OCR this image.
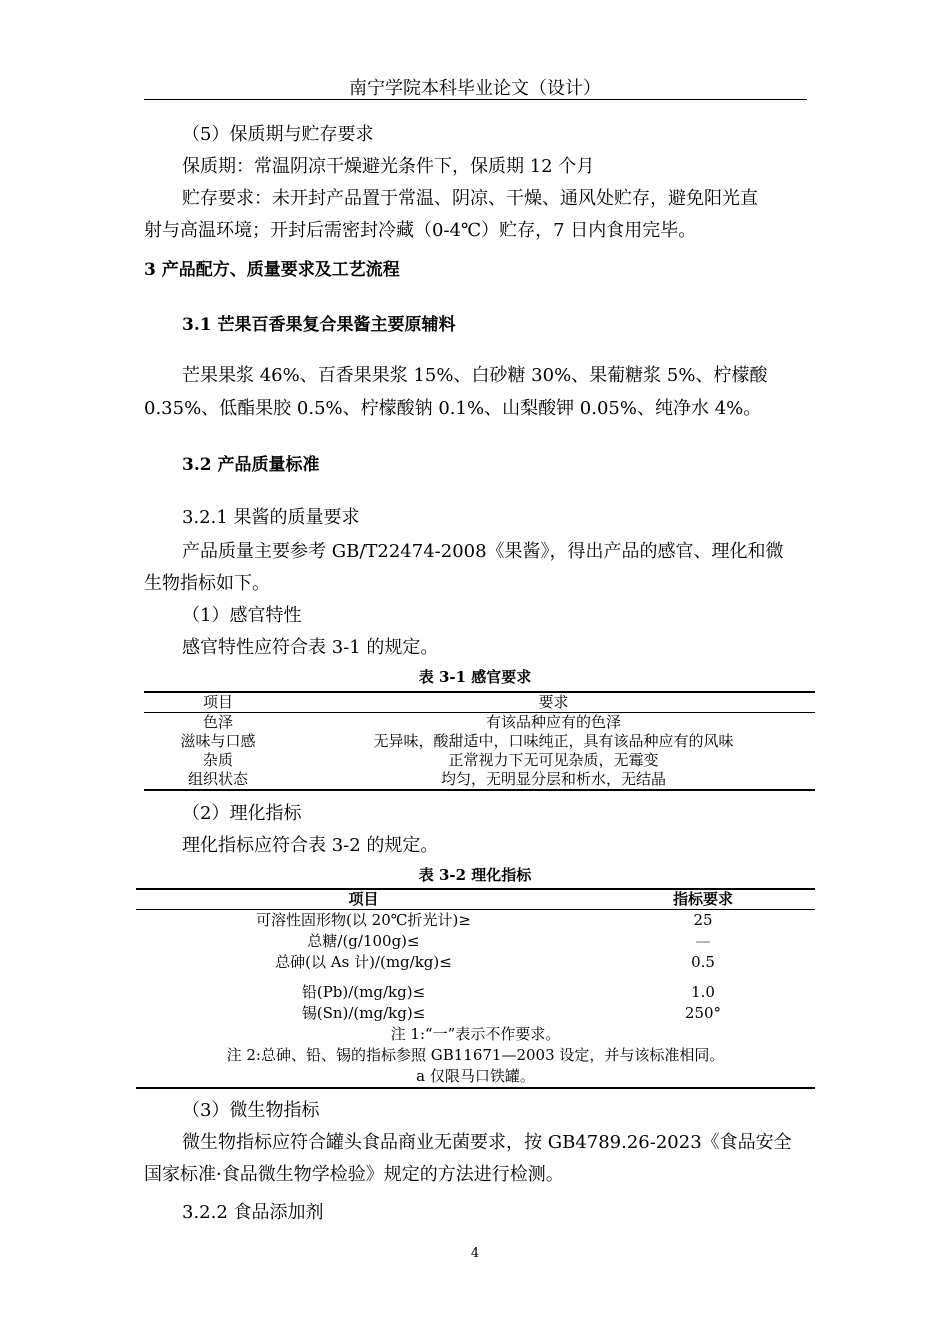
南宁学院本科毕业论文（设计）
（5）保质期与贮存要求
保质期：常温阴凉干燥避光条件下，保质期 12 个月
贮存要求：未开封产品置于常温、阴凉、干燥、通风处贮存，避免阳光直
射与高温环境；开封后需密封冷藏（0-4℃）贮存，7 日内食用完毕。
3 产品配方、质量要求及工艺流程
3.1 芒果百香果复合果酱主要原辅料
芒果果浆 46%、百香果果浆 15%、白砂糖 30%、果葡糖浆 5%、柠檬酸
0.35%、低酯果胶 0.5%、柠檬酸钠 0.1%、山梨酸钾 0.05%、纯净水 4%。
3.2 产品质量标准
3.2.1 果酱的质量要求
产品质量主要参考 GB/T22474-2008《果酱》，得出产品的感官、理化和微
生物指标如下。
（1）感官特性
感官特性应符合表 3-1 的规定。
表 3-1 感官要求
项目	要求
色泽	有该品种应有的色泽
滋味与口感	无异味，酸甜适中，口味纯正，具有该品种应有的风味
杂质	正常视力下无可见杂质，无霉变
组织状态	均匀，无明显分层和析水，无结晶
（2）理化指标
理化指标应符合表 3-2 的规定。
表 3-2 理化指标
项目	指标要求
可溶性固形物(以 20℃折光计)≥	25
总糖/(g/100g)≤	—
总砷(以 As 计)/(mg/kg)≤	0.5
铅(Pb)/(mg/kg)≤	1.0
锡(Sn)/(mg/kg)≤	250°
注 1:“一”表示不作要求。	
注 2:总砷、铅、锡的指标参照 GB11671—2003 设定，并与该标准相同。	
a 仅限马口铁罐。	
（3）微生物指标
微生物指标应符合罐头食品商业无菌要求，按 GB4789.26-2023《食品安全
国家标准·食品微生物学检验》规定的方法进行检测。
3.2.2 食品添加剂
4
